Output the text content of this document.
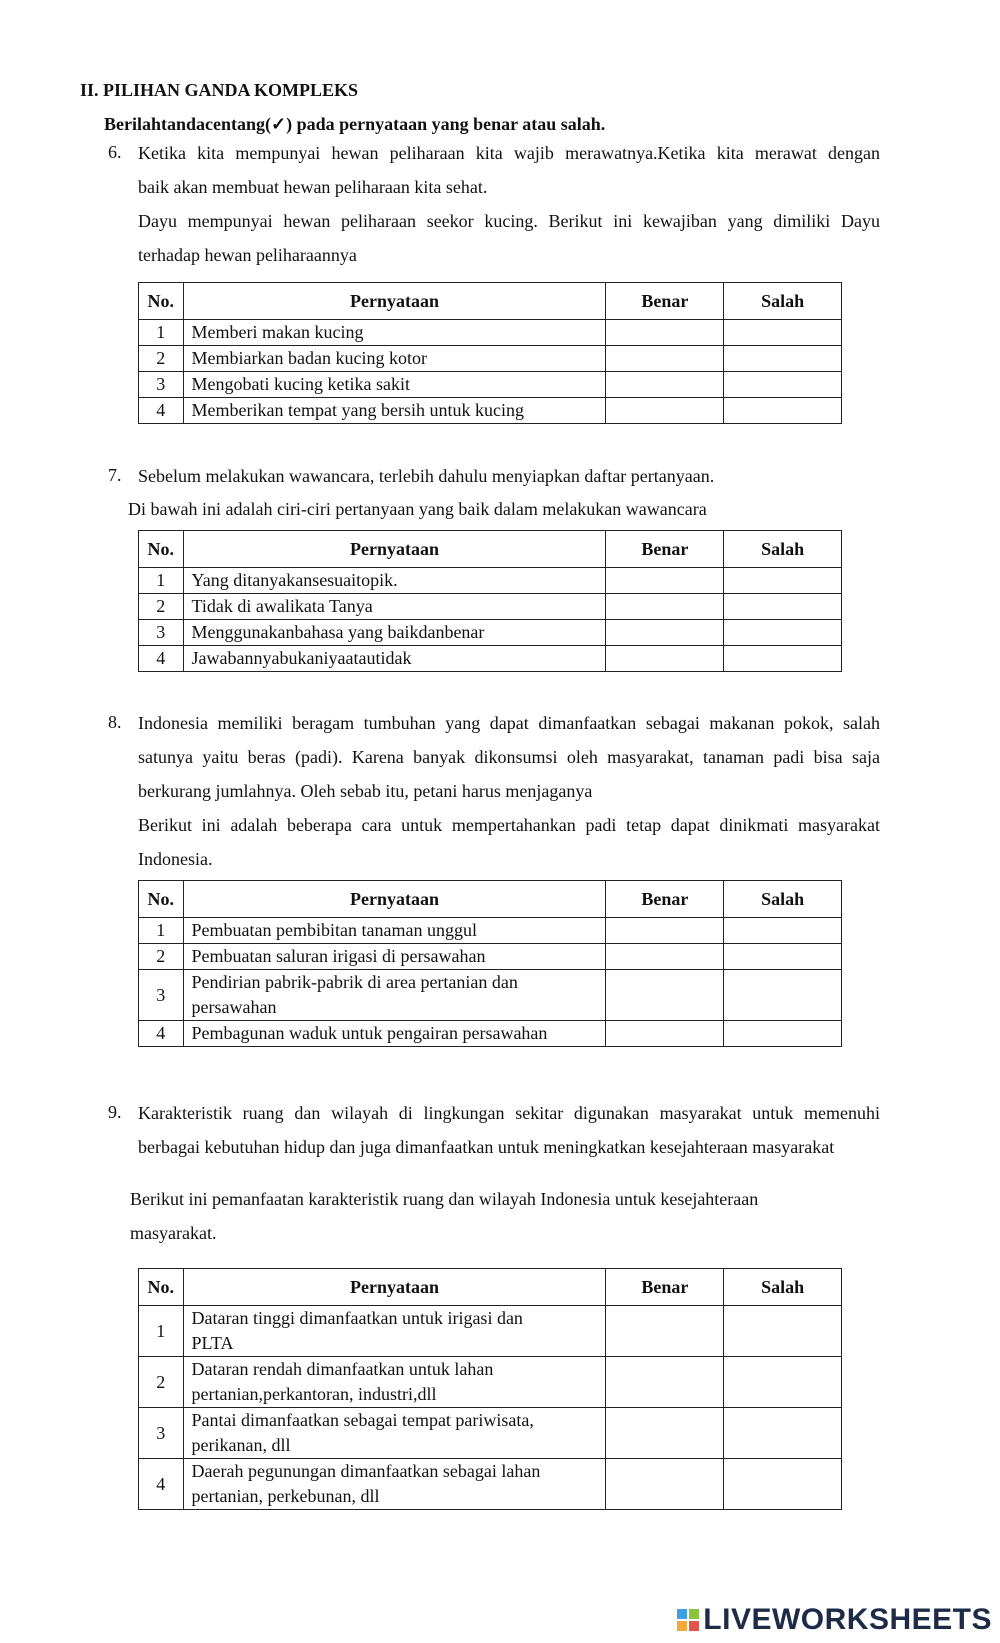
II. PILIHAN GANDA KOMPLEKS
Berilahtandacentang(✓) pada pernyataan yang benar atau salah.
6. Ketika kita mempunyai hewan peliharaan kita wajib merawatnya.Ketika kita merawat dengan

baik akan membuat hewan peliharaan kita sehat.

Dayu mempunyai hewan peliharaan seekor kucing. Berikut ini kewajiban yang dimiliki Dayu

terhadap hewan peliharaannya

No.	Pernyataan	Benar	Salah
1	Memberi makan kucing		
2	Membiarkan badan kucing kotor		
3	Mengobati kucing ketika sakit		
4	Memberikan tempat yang bersih untuk kucing		
7. Sebelum melakukan wawancara, terlebih dahulu menyiapkan daftar pertanyaan.
Di bawah ini adalah ciri-ciri pertanyaan yang baik dalam melakukan wawancara
No.	Pernyataan	Benar	Salah
1	Yang ditanyakansesuaitopik.		
2	Tidak di awalikata Tanya		
3	Menggunakanbahasa yang baikdanbenar		
4	Jawabannyabukaniyaatautidak		
8. Indonesia memiliki beragam tumbuhan yang dapat dimanfaatkan sebagai makanan pokok, salah

satunya yaitu beras (padi). Karena banyak dikonsumsi oleh masyarakat, tanaman padi bisa saja

berkurang jumlahnya. Oleh sebab itu, petani harus menjaganya

Berikut ini adalah beberapa cara untuk mempertahankan padi tetap dapat dinikmati masyarakat

Indonesia.

No.	Pernyataan	Benar	Salah
1	Pembuatan pembibitan tanaman unggul		
2	Pembuatan saluran irigasi di persawahan		
3	Pendirian pabrik-pabrik di area pertanian dan
persawahan		
4	Pembagunan waduk untuk pengairan persawahan		
9. Karakteristik ruang dan wilayah di lingkungan sekitar digunakan masyarakat untuk memenuhi

berbagai kebutuhan hidup dan juga dimanfaatkan untuk meningkatkan kesejahteraan masyarakat

Berikut ini pemanfaatan karakteristik ruang dan wilayah Indonesia untuk kesejahteraan

masyarakat.

No.	Pernyataan	Benar	Salah
1	Dataran tinggi dimanfaatkan untuk irigasi dan
PLTA		
2	Dataran rendah dimanfaatkan untuk lahan
pertanian,perkantoran, industri,dll		
3	Pantai dimanfaatkan sebagai tempat pariwisata,
perikanan, dll		
4	Daerah pegunungan dimanfaatkan sebagai lahan
pertanian, perkebunan, dll		
LIVEWORKSHEETS
